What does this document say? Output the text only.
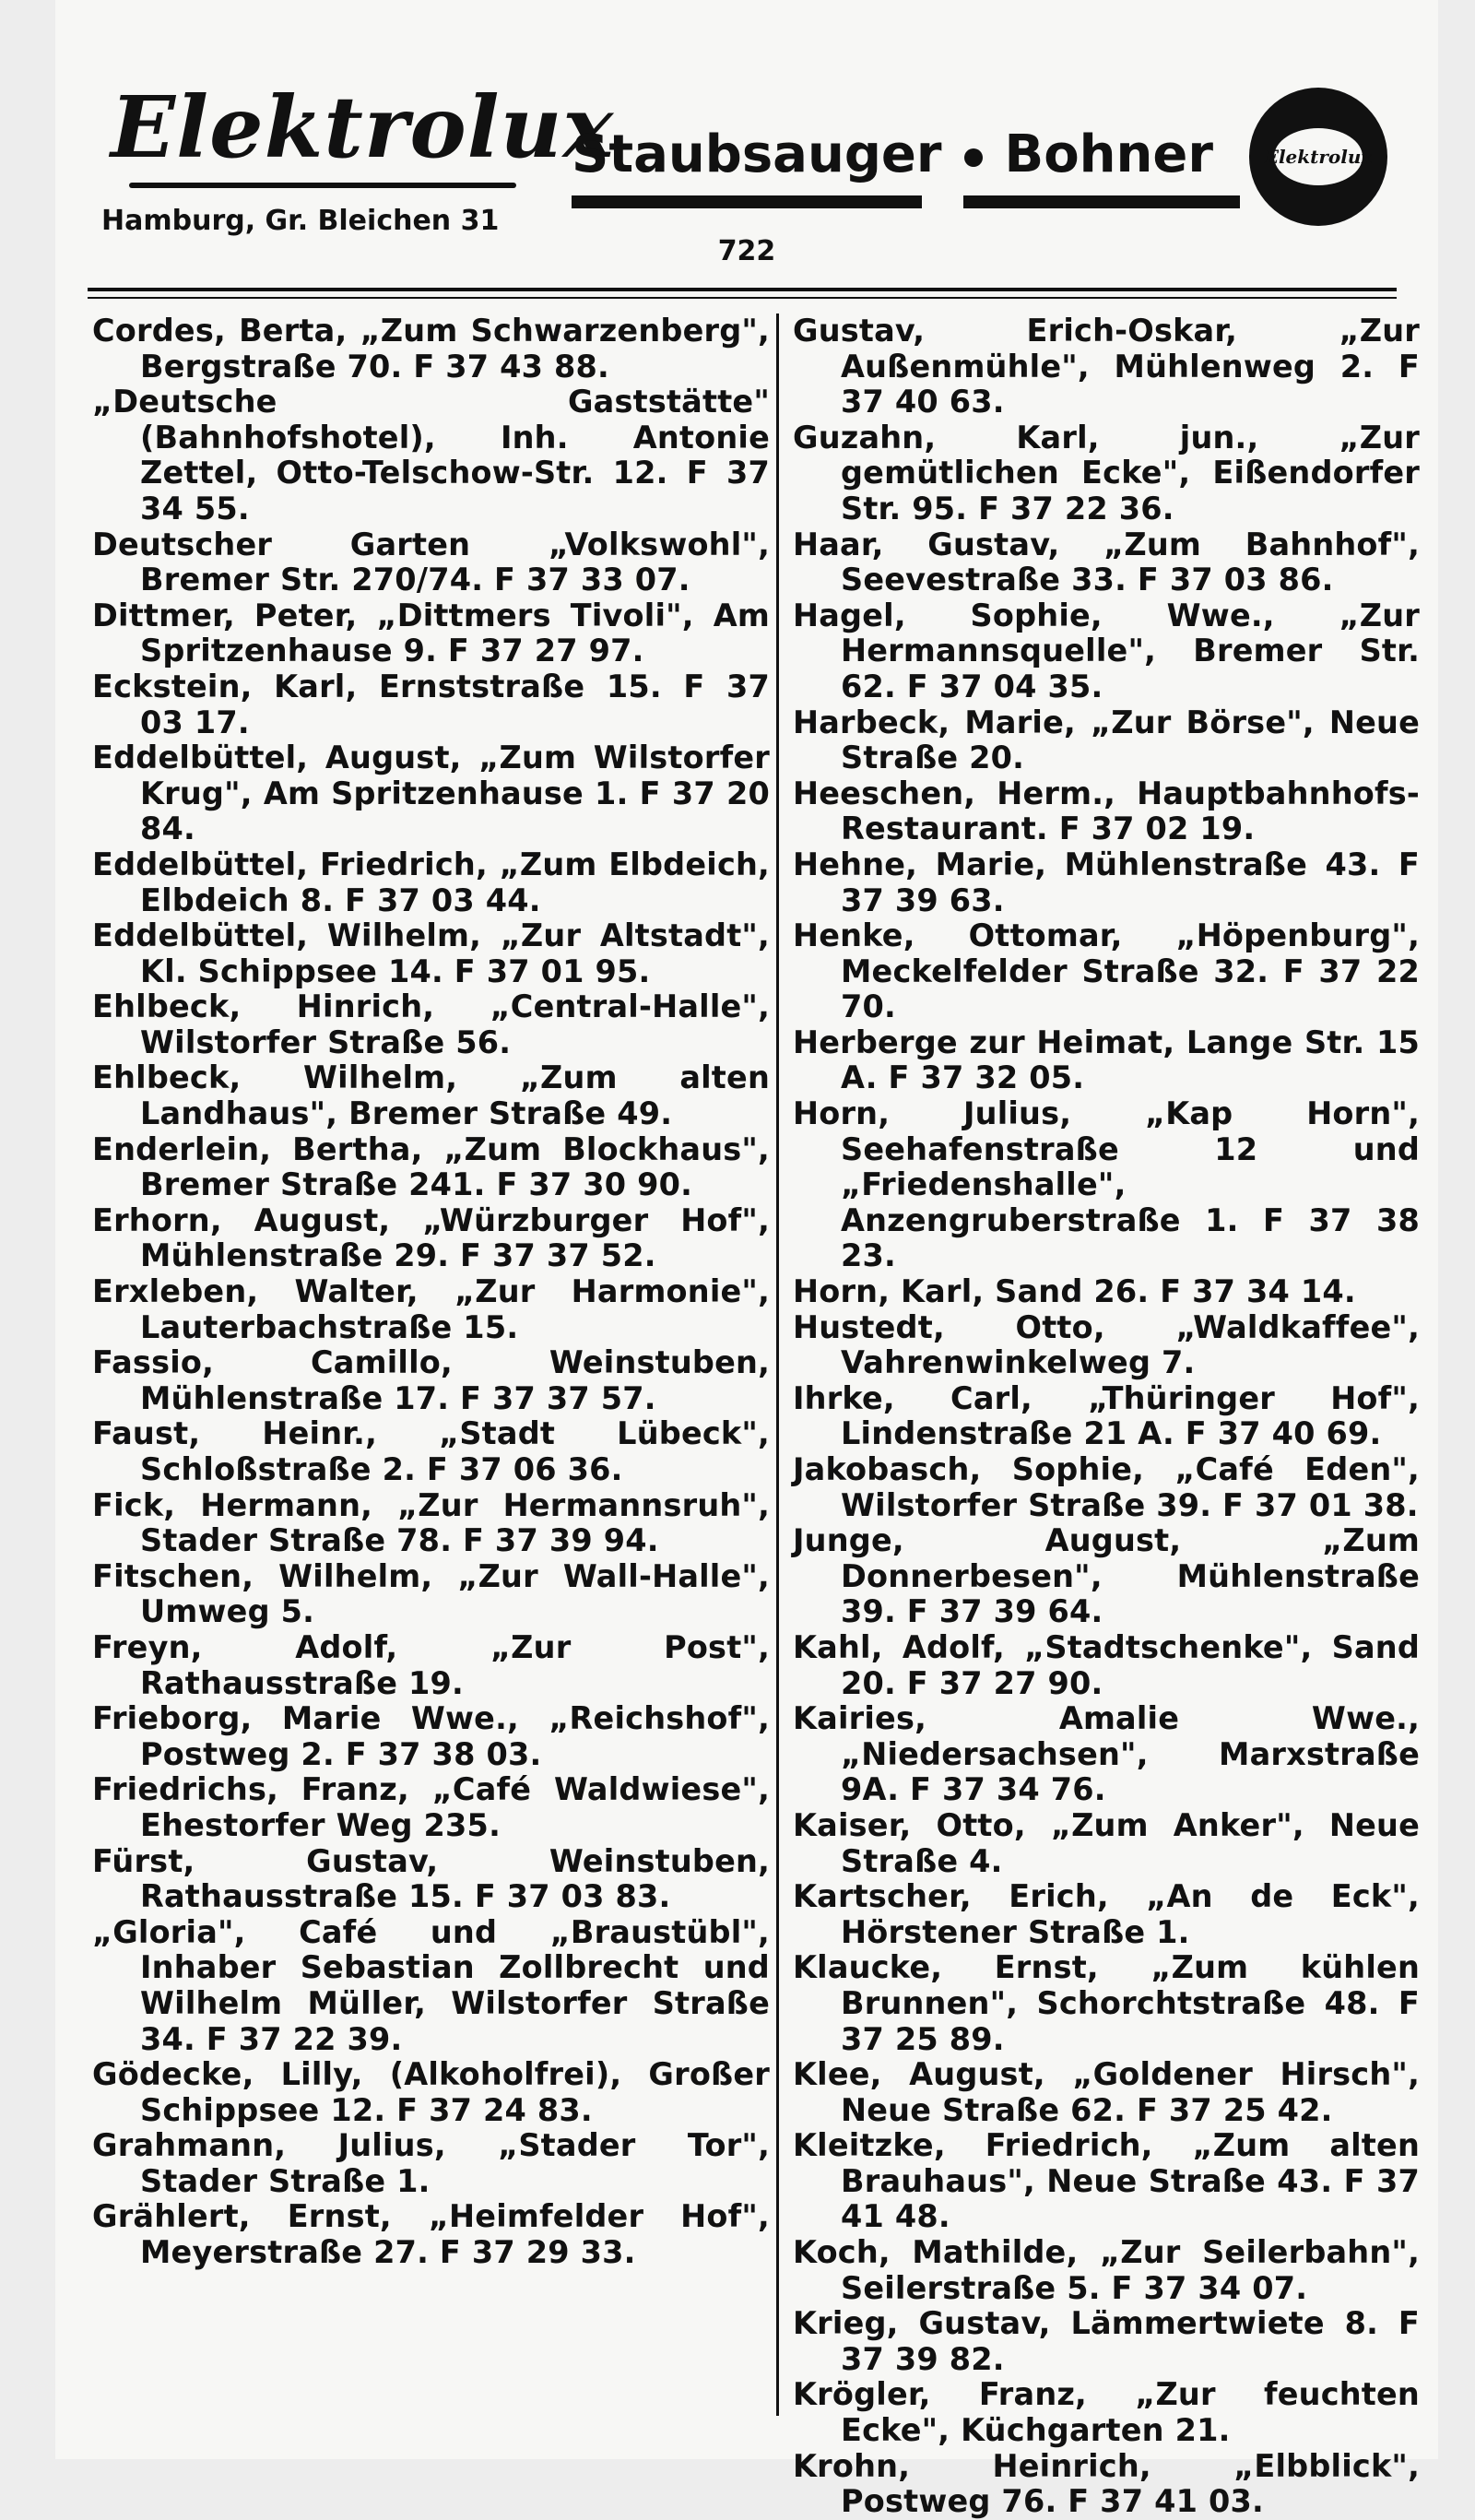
Elektrolux
Hamburg, Gr. Bleichen 31
Staubsauger Bohner	Elektrolux
722

Cordes, Berta, „Zum Schwarzenberg", Bergstraße 70. F 37 43 88.

„Deutsche Gaststätte" (Bahnhofshotel), Inh. Antonie Zettel, Otto-Telschow-Str. 12. F 37 34 55.

Deutscher Garten „Volkswohl", Bremer Str. 270/74. F 37 33 07.

Dittmer, Peter, „Dittmers Tivoli", Am Spritzenhause 9. F 37 27 97.

Eckstein, Karl, Ernststraße 15. F 37 03 17.

Eddelbüttel, August, „Zum Wilstorfer Krug", Am Spritzenhause 1. F 37 20 84.

Eddelbüttel, Friedrich, „Zum Elbdeich, Elbdeich 8. F 37 03 44.

Eddelbüttel, Wilhelm, „Zur Altstadt", Kl. Schippsee 14. F 37 01 95.

Ehlbeck, Hinrich, „Central-Halle", Wilstorfer Straße 56.

Ehlbeck, Wilhelm, „Zum alten Landhaus", Bremer Straße 49.

Enderlein, Bertha, „Zum Blockhaus", Bremer Straße 241. F 37 30 90.

Erhorn, August, „Würzburger Hof", Mühlenstraße 29. F 37 37 52.

Erxleben, Walter, „Zur Harmonie", Lauterbachstraße 15.

Fassio, Camillo, Weinstuben, Mühlenstraße 17. F 37 37 57.

Faust, Heinr., „Stadt Lübeck", Schloßstraße 2. F 37 06 36.

Fick, Hermann, „Zur Hermannsruh", Stader Straße 78. F 37 39 94.

Fitschen, Wilhelm, „Zur Wall-Halle", Umweg 5.

Freyn, Adolf, „Zur Post", Rathausstraße 19.

Frieborg, Marie Wwe., „Reichshof", Postweg 2. F 37 38 03.

Friedrichs, Franz, „Café Waldwiese", Ehestorfer Weg 235.

Fürst, Gustav, Weinstuben, Rathausstraße 15. F 37 03 83.

„Gloria", Café und „Braustübl", Inhaber Sebastian Zollbrecht und Wilhelm Müller, Wilstorfer Straße 34. F 37 22 39.

Gödecke, Lilly, (Alkoholfrei), Großer Schippsee 12. F 37 24 83.

Grahmann, Julius, „Stader Tor", Stader Straße 1.

Grählert, Ernst, „Heimfelder Hof", Meyerstraße 27. F 37 29 33.

Gustav, Erich-Oskar, „Zur Außenmühle", Mühlenweg 2. F 37 40 63.

Guzahn, Karl, jun., „Zur gemütlichen Ecke", Eißendorfer Str. 95. F 37 22 36.

Haar, Gustav, „Zum Bahnhof", Seevestraße 33. F 37 03 86.

Hagel, Sophie, Wwe., „Zur Hermannsquelle", Bremer Str. 62. F 37 04 35.

Harbeck, Marie, „Zur Börse", Neue Straße 20.

Heeschen, Herm., Hauptbahnhofs-Restaurant. F 37 02 19.

Hehne, Marie, Mühlenstraße 43. F 37 39 63.

Henke, Ottomar, „Höpenburg", Meckelfelder Straße 32. F 37 22 70.

Herberge zur Heimat, Lange Str. 15 A. F 37 32 05.

Horn, Julius, „Kap Horn", Seehafenstraße 12 und „Friedenshalle", Anzengruberstraße 1. F 37 38 23.

Horn, Karl, Sand 26. F 37 34 14.

Hustedt, Otto, „Waldkaffee", Vahrenwinkelweg 7.

Ihrke, Carl, „Thüringer Hof", Lindenstraße 21 A. F 37 40 69.

Jakobasch, Sophie, „Café Eden", Wilstorfer Straße 39. F 37 01 38.

Junge, August, „Zum Donnerbesen", Mühlenstraße 39. F 37 39 64.

Kahl, Adolf, „Stadtschenke", Sand 20. F 37 27 90.

Kairies, Amalie Wwe., „Niedersachsen", Marxstraße 9A. F 37 34 76.

Kaiser, Otto, „Zum Anker", Neue Straße 4.

Kartscher, Erich, „An de Eck", Hörstener Straße 1.

Klaucke, Ernst, „Zum kühlen Brunnen", Schorchtstraße 48. F 37 25 89.

Klee, August, „Goldener Hirsch", Neue Straße 62. F 37 25 42.

Kleitzke, Friedrich, „Zum alten Brauhaus", Neue Straße 43. F 37 41 48.

Koch, Mathilde, „Zur Seilerbahn", Seilerstraße 5. F 37 34 07.

Krieg, Gustav, Lämmertwiete 8. F 37 39 82.

Krögler, Franz, „Zur feuchten Ecke", Küchgarten 21.

Krohn, Heinrich, „Elbblick", Postweg 76. F 37 41 03.
